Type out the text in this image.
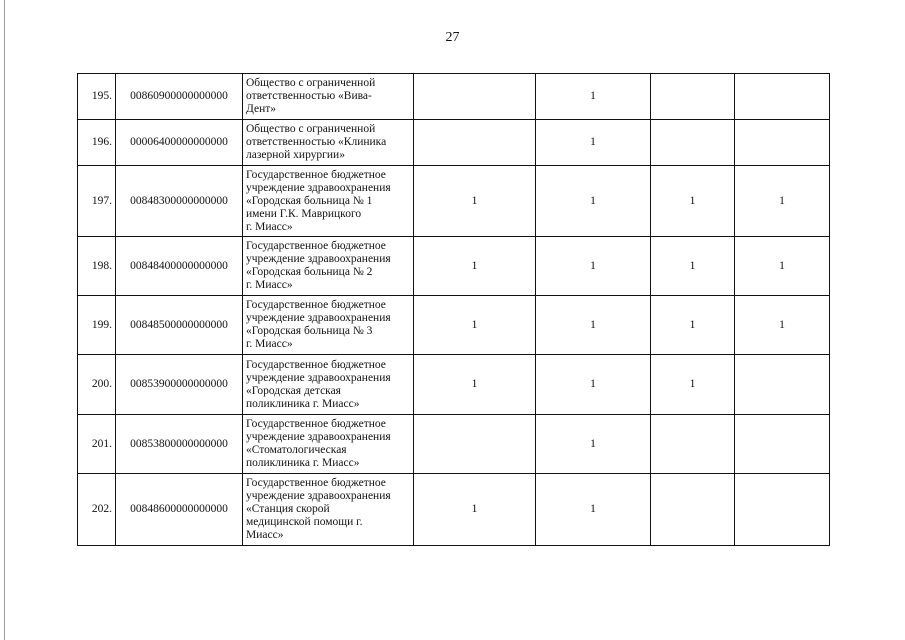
27
195.	00860900000000000	Общество с ограниченной
ответственностью «Вива-
Дент»		1		
196.	00006400000000000	Общество с ограниченной
ответственностью «Клиника
лазерной хирургии»		1		
197.	00848300000000000	Государственное бюджетное
учреждение здравоохранения
«Городская больница № 1
имени Г.К. Маврицкого
г. Миасс»	1	1	1	1
198.	00848400000000000	Государственное бюджетное
учреждение здравоохранения
«Городская больница № 2
г. Миасс»	1	1	1	1
199.	00848500000000000	Государственное бюджетное
учреждение здравоохранения
«Городская больница № 3
г. Миасс»	1	1	1	1
200.	00853900000000000	Государственное бюджетное
учреждение здравоохранения
«Городская детская
поликлиника г. Миасс»	1	1	1	
201.	00853800000000000	Государственное бюджетное
учреждение здравоохранения
«Стоматологическая
поликлиника г. Миасс»		1		
202.	00848600000000000	Государственное бюджетное
учреждение здравоохранения
«Станция скорой
медицинской помощи г.
Миасс»	1	1		
